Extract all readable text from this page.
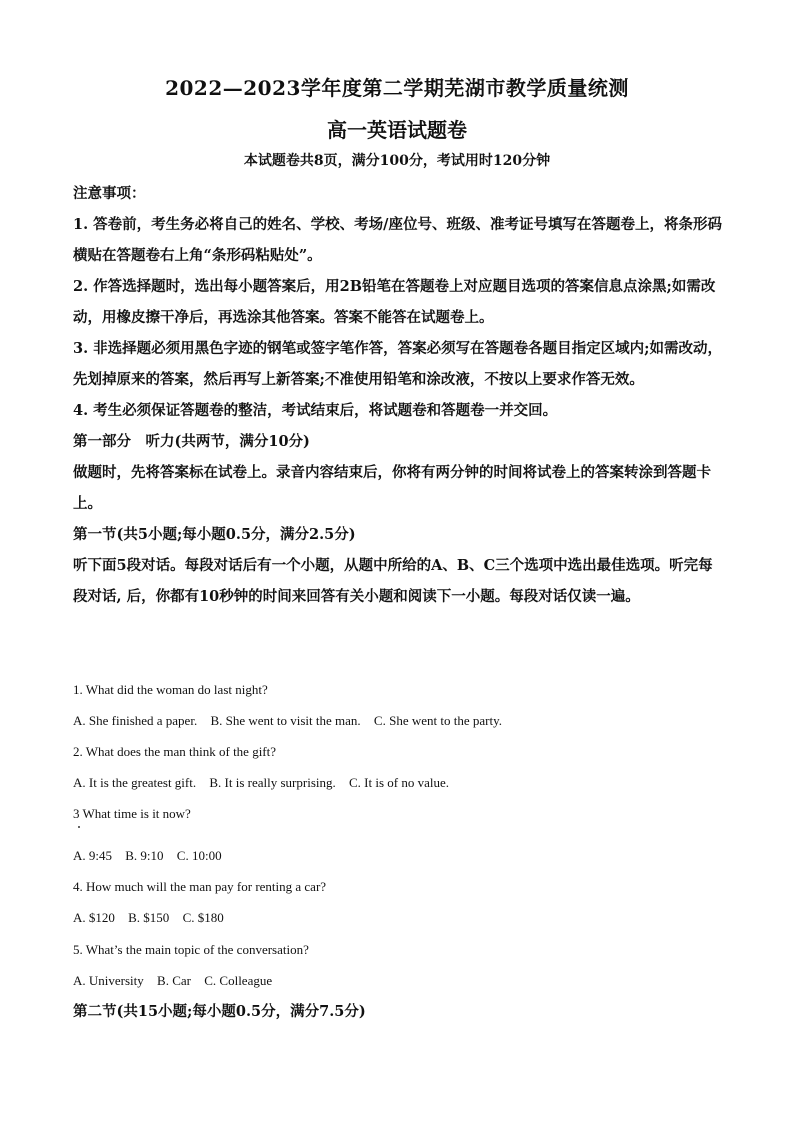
2022—2023学年度第二学期芜湖市教学质量统测
高一英语试题卷
本试题卷共8页，满分100分，考试用时120分钟

注意事项：

1. 答卷前，考生务必将自己的姓名、学校、考场/座位号、班级、准考证号填写在答题卷上，将条形码横贴在答题卷右上角“条形码粘贴处”。

2. 作答选择题时，选出每小题答案后，用2B铅笔在答题卷上对应题目选项的答案信息点涂黑;如需改动，用橡皮擦干净后，再选涂其他答案。答案不能答在试题卷上。

3. 非选择题必须用黑色字迹的钢笔或签字笔作答，答案必须写在答题卷各题目指定区域内;如需改动，先划掉原来的答案，然后再写上新答案;不准使用铅笔和涂改液，不按以上要求作答无效。

4. 考生必须保证答题卷的整洁，考试结束后，将试题卷和答题卷一并交回。

第一部分　听力(共两节，满分10分)

做题时，先将答案标在试卷上。录音内容结束后，你将有两分钟的时间将试卷上的答案转涂到答题卡上。

第一节(共5小题;每小题0.5分，满分2.5分)

听下面5段对话。每段对话后有一个小题，从题中所给的A、B、C三个选项中选出最佳选项。听完每段对话, 后，你都有10秒钟的时间来回答有关小题和阅读下一小题。每段对话仅读一遍。

1. What did the woman do last night?
A. She finished a paper. B. She went to visit the man. C. She went to the party.
2. What does the man think of the gift?
A. It is the greatest gift. B. It is really surprising. C. It is of no value.
3 What time is it now?
A. 9:45 B. 9:10 C. 10:00
4. How much will the man pay for renting a car?
A. $120 B. $150 C. $180
5. What’s the main topic of the conversation?
A. University B. Car C. Colleague
第二节(共15小题;每小题0.5分，满分7.5分)
